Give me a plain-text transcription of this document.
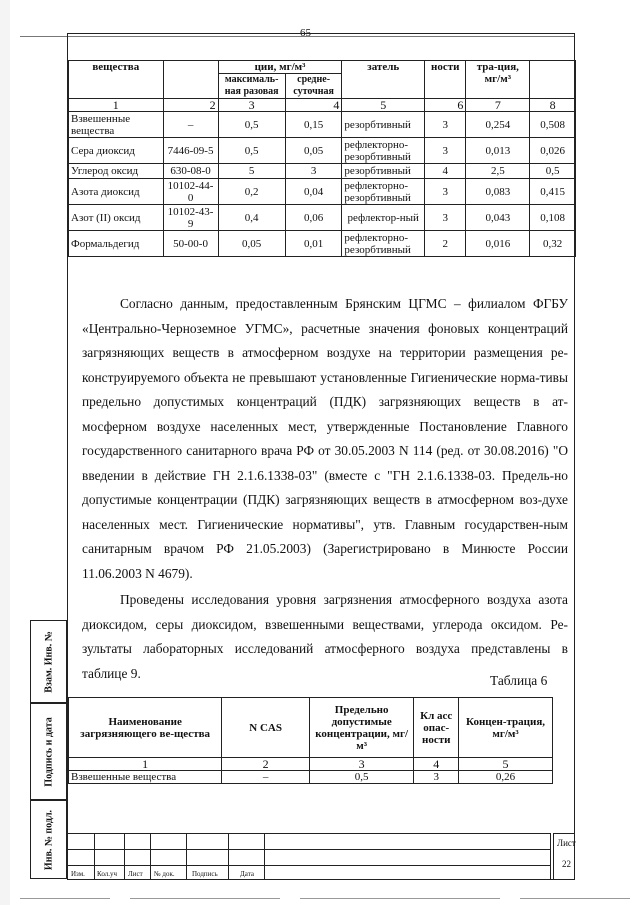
65
вещества		ции, мг/м³		затель	ности	тра-ция, мг/м³	
		максималь-ная разовая	средне-суточная				
1	2	3	4	5	6	7	8
Взвешенные вещества	–	0,5	0,15	резорбтивный	3	0,254	0,508
Сера диоксид	7446-09-5	0,5	0,05	рефлекторно-резорбтивный	3	0,013	0,026
Углерод оксид	630-08-0	5	3	резорбтивный	4	2,5	0,5
Азота диоксид	10102-44-0	0,2	0,04	рефлекторно-резорбтивный	3	0,083	0,415
Азот (II) оксид	10102-43-9	0,4	0,06	рефлектор-ный	3	0,043	0,108
Формальдегид	50-00-0	0,05	0,01	рефлекторно-резорбтивный	2	0,016	0,32

Согласно данным, предоставленным Брянским ЦГМС – филиалом ФГБУ «Центрально-Черноземное УГМС», расчетные значения фоновых концентраций загрязняющих веществ в атмосферном воздухе на территории размещения ре-конструируемого объекта не превышают установленные Гигиенические норма-тивы предельно допустимых концентраций (ПДК) загрязняющих веществ в ат-мосферном воздухе населенных мест, утвержденные Постановление Главного государственного санитарного врача РФ от 30.05.2003 N 114 (ред. от 30.08.2016) "О введении в действие ГН 2.1.6.1338-03" (вместе с "ГН 2.1.6.1338-03. Предель-но допустимые концентрации (ПДК) загрязняющих веществ в атмосферном воз-духе населенных мест. Гигиенические нормативы", утв. Главным государствен-ным санитарным врачом РФ 21.05.2003) (Зарегистрировано в Минюсте России 11.06.2003 N 4679).

Проведены исследования уровня загрязнения атмосферного воздуха азота диоксидом, серы диоксидом, взвешенными веществами, углерода оксидом. Ре-зультаты лабораторных исследований атмосферного воздуха представлены в таблице 9.	Таблица 6
Наименование загрязняющего ве-щества	N CAS	Предельно допустимые концентрации, мг/м³	Кл асс опас-ности	Концен-трация, мг/м³
1	2	3	4	5
Взвешенные вещества	–	0,5	3	0,26
Взам. Инв. №
Подпись и дата
Инв. № подл.
Изм. Кол.уч Лист № док. Подпись	Дата
Лист
22
